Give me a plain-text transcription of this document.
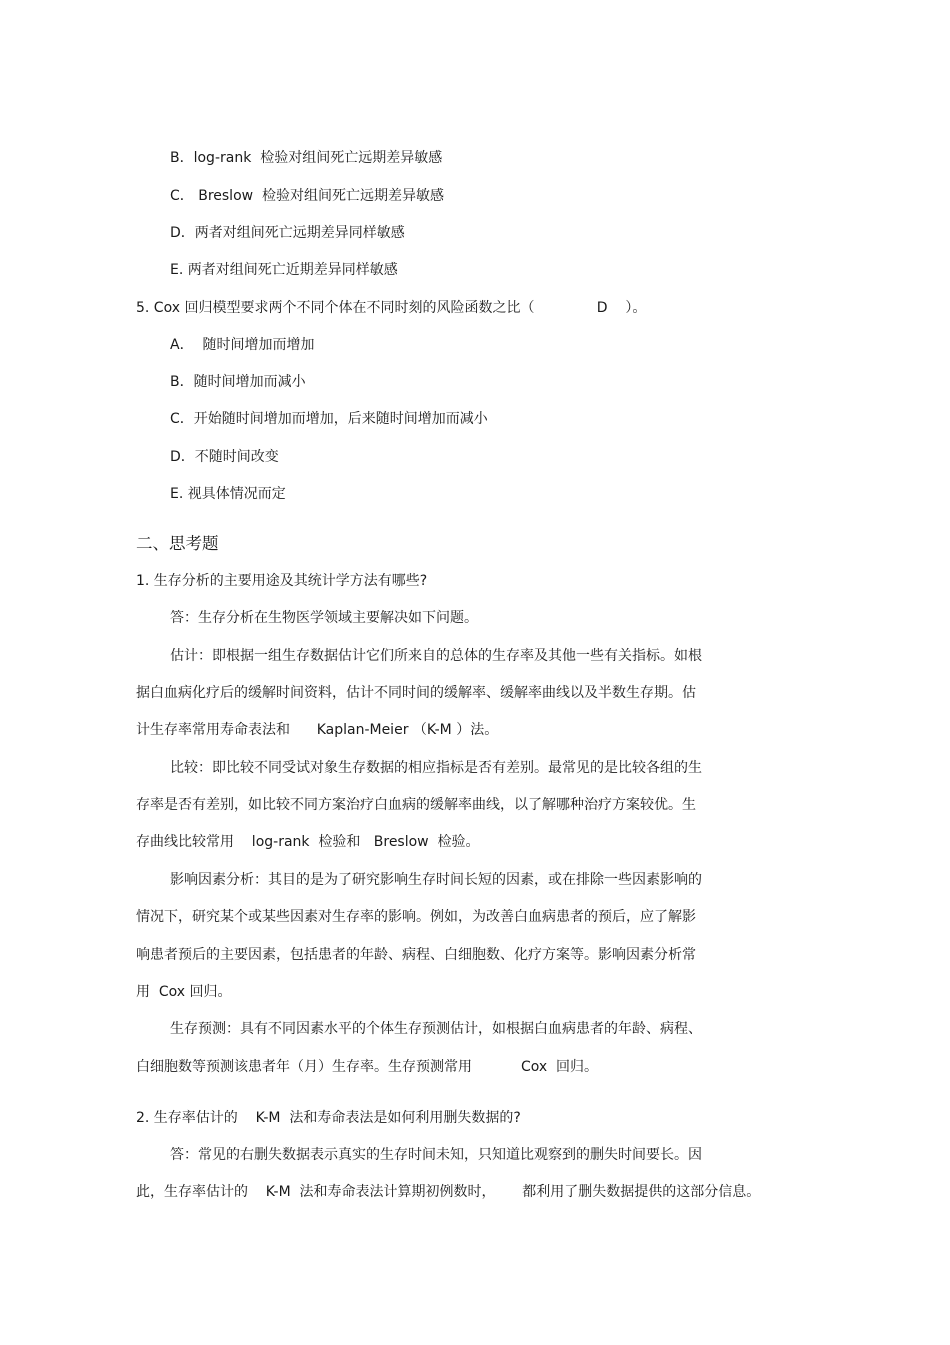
B．log-rank  检验对组间死亡远期差异敏感
C． Breslow  检验对组间死亡远期差异敏感
D．两者对组间死亡远期差异同样敏感
E. 两者对组间死亡近期差异同样敏感
5. Cox 回归模型要求两个不同个体在不同时刻的风险函数之比（              D    ）。
A．  随时间增加而增加
B．随时间增加而减小
C．开始随时间增加而增加，后来随时间增加而减小
D．不随时间改变
E. 视具体情况而定
二、思考题
1. 生存分析的主要用途及其统计学方法有哪些?
答：生存分析在生物医学领域主要解决如下问题。
估计：即根据一组生存数据估计它们所来自的总体的生存率及其他一些有关指标。如根
据白血病化疗后的缓解时间资料，估计不同时间的缓解率、缓解率曲线以及半数生存期。估
计生存率常用寿命表法和      Kaplan-Meier （K-M ）法。
比较：即比较不同受试对象生存数据的相应指标是否有差别。最常见的是比较各组的生
存率是否有差别，如比较不同方案治疗白血病的缓解率曲线，以了解哪种治疗方案较优。生
存曲线比较常用    log-rank  检验和   Breslow  检验。
影响因素分析：其目的是为了研究影响生存时间长短的因素，或在排除一些因素影响的
情况下，研究某个或某些因素对生存率的影响。例如，为改善白血病患者的预后，应了解影
响患者预后的主要因素，包括患者的年龄、病程、白细胞数、化疗方案等。影响因素分析常
用  Cox 回归。
生存预测：具有不同因素水平的个体生存预测估计，如根据白血病患者的年龄、病程、
白细胞数等预测该患者年（月）生存率。生存预测常用           Cox  回归。
2. 生存率估计的    K-M  法和寿命表法是如何利用删失数据的?
答：常见的右删失数据表示真实的生存时间未知，只知道比观察到的删失时间要长。因
此，生存率估计的    K-M  法和寿命表法计算期初例数时，      都利用了删失数据提供的这部分信息。
